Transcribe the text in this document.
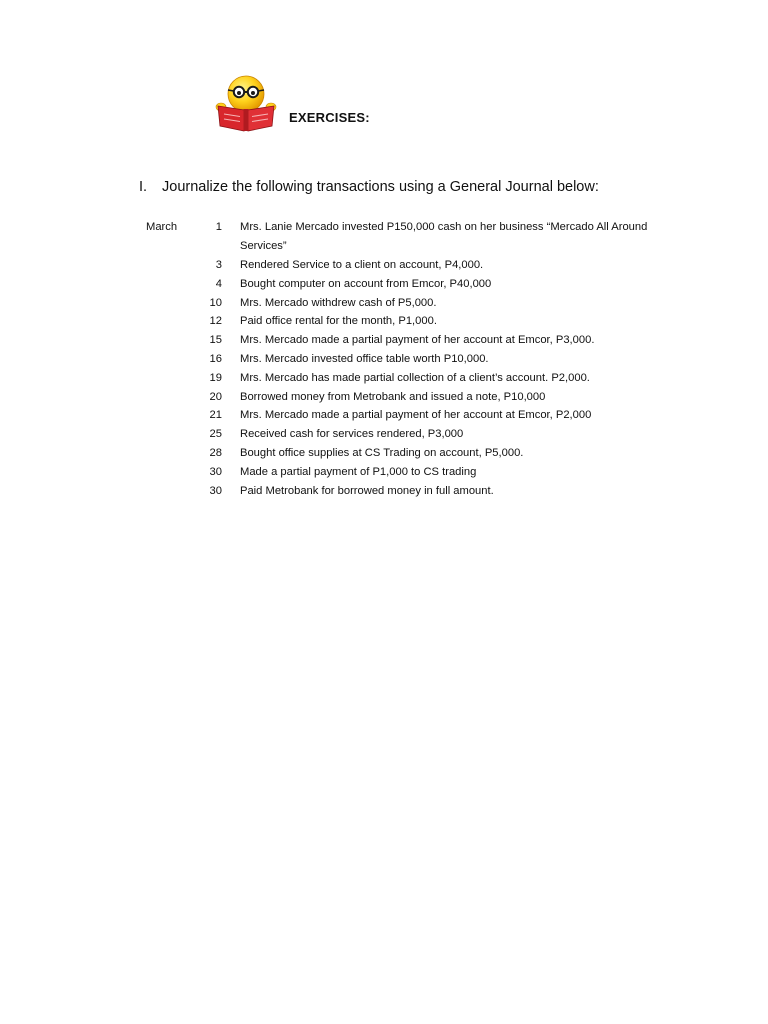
EXERCISES:
I. Journalize the following transactions using a General Journal below:
March	1 Mrs. Lanie Mercado invested P150,000 cash on her business “Mercado All Around Services”
3 Rendered Service to a client on account, P4,000.
4 Bought computer on account from Emcor, P40,000
10 Mrs. Mercado withdrew cash of P5,000.
12 Paid office rental for the month, P1,000.
15 Mrs. Mercado made a partial payment of her account at Emcor, P3,000.
16 Mrs. Mercado invested office table worth P10,000.
19 Mrs. Mercado has made partial collection of a client’s account. P2,000.
20 Borrowed money from Metrobank and issued a note, P10,000
21 Mrs. Mercado made a partial payment of her account at Emcor, P2,000
25 Received cash for services rendered, P3,000
28 Bought office supplies at CS Trading on account, P5,000.
30 Made a partial payment of P1,000 to CS trading
30 Paid Metrobank for borrowed money in full amount.
